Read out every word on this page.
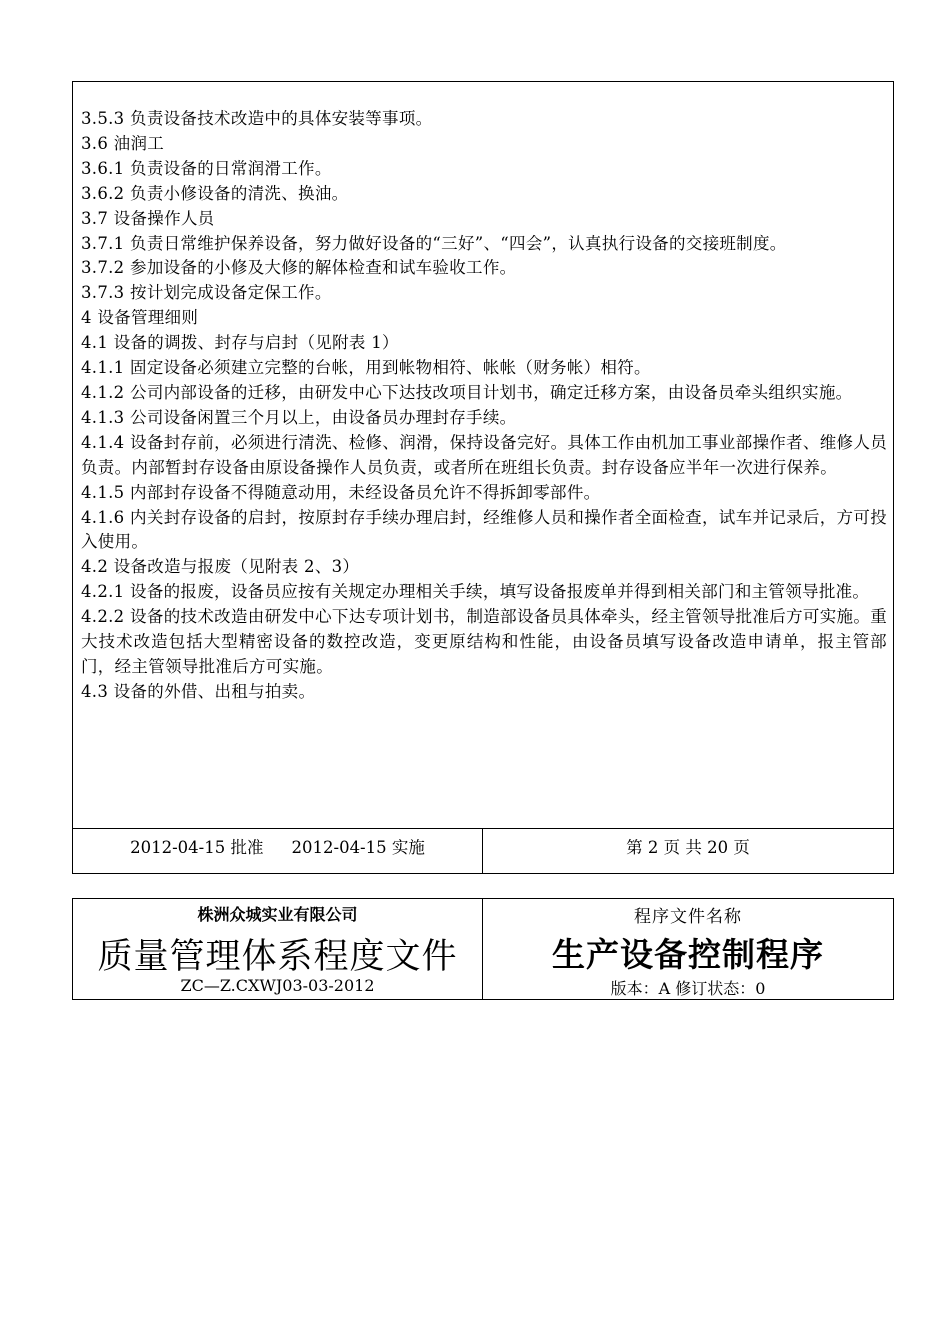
3.5.3 负责设备技术改造中的具体安装等事项。

3.6 油润工

3.6.1 负责设备的日常润滑工作。

3.6.2 负责小修设备的清洗、换油。

3.7 设备操作人员

3.7.1 负责日常维护保养设备，努力做好设备的“三好”、“四会”，认真执行设备的交接班制度。

3.7.2 参加设备的小修及大修的解体检查和试车验收工作。

3.7.3 按计划完成设备定保工作。

4 设备管理细则

4.1 设备的调拨、封存与启封（见附表 1）

4.1.1 固定设备必须建立完整的台帐，用到帐物相符、帐帐（财务帐）相符。

4.1.2 公司内部设备的迁移，由研发中心下达技改项目计划书，确定迁移方案，由设备员牵头组织实施。

4.1.3 公司设备闲置三个月以上，由设备员办理封存手续。

4.1.4 设备封存前，必须进行清洗、检修、润滑，保持设备完好。具体工作由机加工事业部操作者、维修人员负责。内部暂封存设备由原设备操作人员负责，或者所在班组长负责。封存设备应半年一次进行保养。

4.1.5 内部封存设备不得随意动用，未经设备员允许不得拆卸零部件。

4.1.6 内关封存设备的启封，按原封存手续办理启封，经维修人员和操作者全面检查，试车并记录后，方可投入使用。

4.2 设备改造与报废（见附表 2、3）

4.2.1 设备的报废，设备员应按有关规定办理相关手续，填写设备报废单并得到相关部门和主管领导批准。

4.2.2 设备的技术改造由研发中心下达专项计划书，制造部设备员具体牵头，经主管领导批准后方可实施。重大技术改造包括大型精密设备的数控改造，变更原结构和性能，由设备员填写设备改造申请单，报主管部门，经主管领导批准后方可实施。

4.3 设备的外借、出租与拍卖。

2012-04-15 批准 2012-04-15 实施	第 2 页 共 20 页
株洲众城实业有限公司
质量管理体系程度文件
ZC—Z.CXWJ03-03-2012
程序文件名称
生产设备控制程序
版本：A 修订状态：0
